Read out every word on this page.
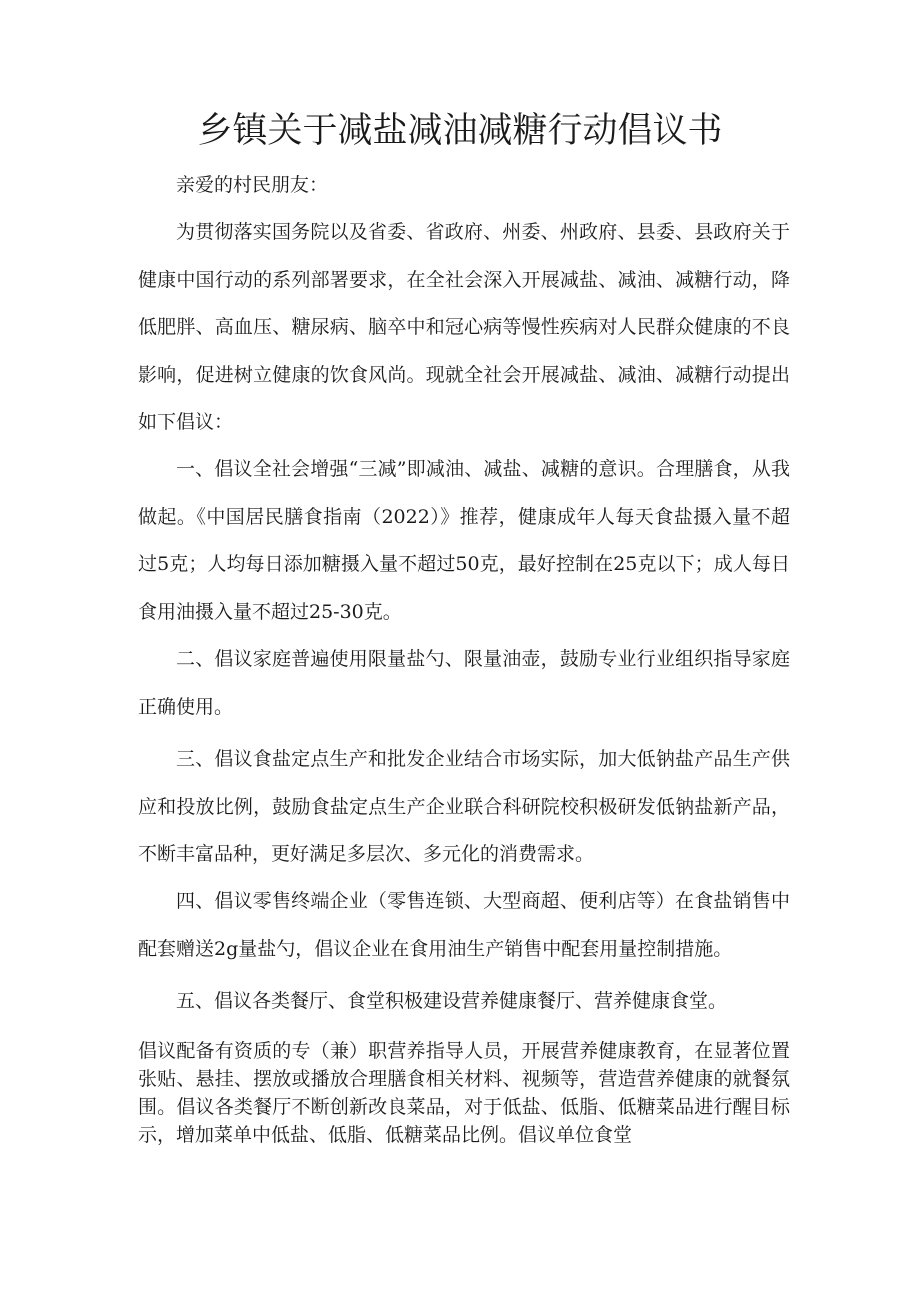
乡镇关于减盐减油减糖行动倡议书

亲爱的村民朋友：

为贯彻落实国务院以及省委、省政府、州委、州政府、县委、县政府关于健康中国行动的系列部署要求，在全社会深入开展减盐、减油、减糖行动，降低肥胖、高血压、糖尿病、脑卒中和冠心病等慢性疾病对人民群众健康的不良影响，促进树立健康的饮食风尚。现就全社会开展减盐、减油、减糖行动提出如下倡议：

一、倡议全社会增强“三减”即减油、减盐、减糖的意识。合理膳食，从我做起。《中国居民膳食指南（2022）》推荐，健康成年人每天食盐摄入量不超过5克；人均每日添加糖摄入量不超过50克，最好控制在25克以下；成人每日食用油摄入量不超过25-30克。

二、倡议家庭普遍使用限量盐勺、限量油壶，鼓励专业行业组织指导家庭正确使用。

三、倡议食盐定点生产和批发企业结合市场实际，加大低钠盐产品生产供应和投放比例，鼓励食盐定点生产企业联合科研院校积极研发低钠盐新产品，不断丰富品种，更好满足多层次、多元化的消费需求。

四、倡议零售终端企业（零售连锁、大型商超、便利店等）在食盐销售中配套赠送2g量盐勺，倡议企业在食用油生产销售中配套用量控制措施。

五、倡议各类餐厅、食堂积极建设营养健康餐厅、营养健康食堂。

倡议配备有资质的专（兼）职营养指导人员，开展营养健康教育，在显著位置张贴、悬挂、摆放或播放合理膳食相关材料、视频等，营造营养健康的就餐氛围。倡议各类餐厅不断创新改良菜品，对于低盐、低脂、低糖菜品进行醒目标示，增加菜单中低盐、低脂、低糖菜品比例。倡议单位食堂
